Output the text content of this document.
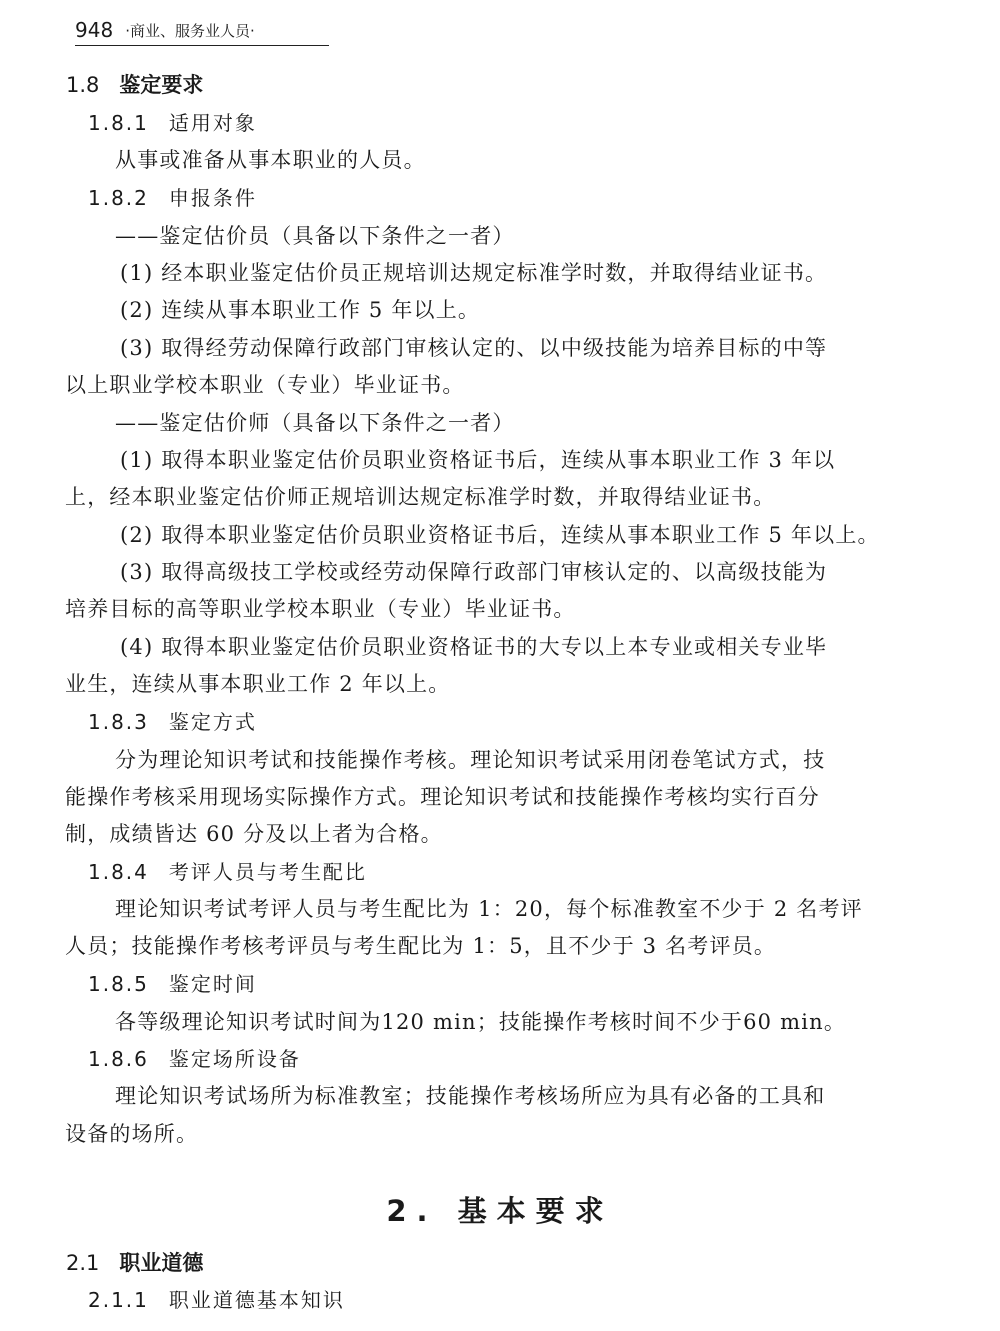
948 ·商业、服务业人员·
1.8 鉴定要求
1.8.1 适用对象
从事或准备从事本职业的人员。
1.8.2 申报条件
——鉴定估价员（具备以下条件之一者）
(1) 经本职业鉴定估价员正规培训达规定标准学时数，并取得结业证书。
(2) 连续从事本职业工作 5 年以上。
(3) 取得经劳动保障行政部门审核认定的、以中级技能为培养目标的中等
以上职业学校本职业（专业）毕业证书。
——鉴定估价师（具备以下条件之一者）
(1) 取得本职业鉴定估价员职业资格证书后，连续从事本职业工作 3 年以
上，经本职业鉴定估价师正规培训达规定标准学时数，并取得结业证书。
(2) 取得本职业鉴定估价员职业资格证书后，连续从事本职业工作 5 年以上。
(3) 取得高级技工学校或经劳动保障行政部门审核认定的、以高级技能为
培养目标的高等职业学校本职业（专业）毕业证书。
(4) 取得本职业鉴定估价员职业资格证书的大专以上本专业或相关专业毕
业生，连续从事本职业工作 2 年以上。
1.8.3 鉴定方式
分为理论知识考试和技能操作考核。理论知识考试采用闭卷笔试方式，技
能操作考核采用现场实际操作方式。理论知识考试和技能操作考核均实行百分
制，成绩皆达 60 分及以上者为合格。
1.8.4 考评人员与考生配比
理论知识考试考评人员与考生配比为 1：20，每个标准教室不少于 2 名考评
人员；技能操作考核考评员与考生配比为 1：5，且不少于 3 名考评员。
1.8.5 鉴定时间
各等级理论知识考试时间为120 min；技能操作考核时间不少于60 min。
1.8.6 鉴定场所设备
理论知识考试场所为标准教室；技能操作考核场所应为具有必备的工具和
设备的场所。
2. 基本要求
2.1 职业道德
2.1.1 职业道德基本知识
